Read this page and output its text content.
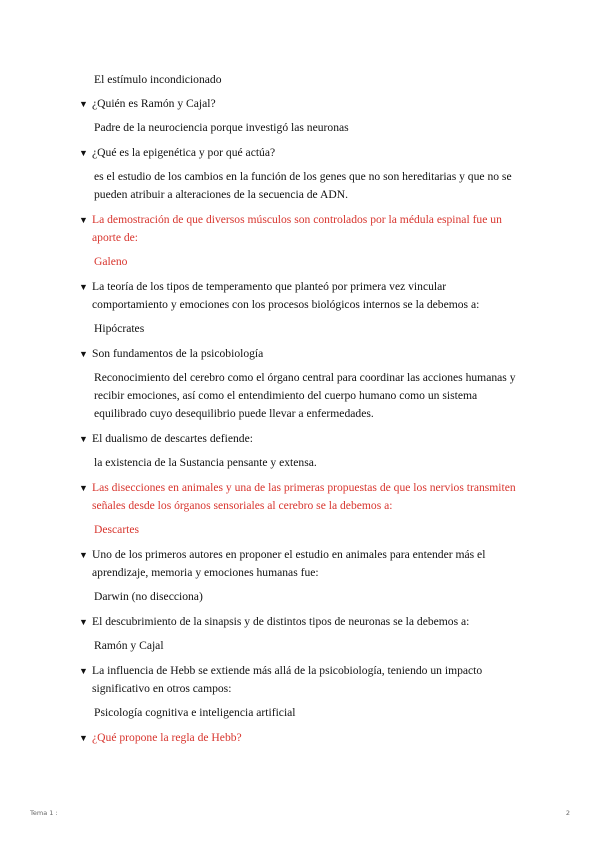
El estímulo incondicionado

▼ ¿Quién es Ramón y Cajal?

Padre de la neurociencia porque investigó las neuronas

▼ ¿Qué es la epigenética y por qué actúa?

es el estudio de los cambios en la función de los genes que no son hereditarias y que no se pueden atribuir a alteraciones de la secuencia de ADN.

▼ La demostración de que diversos músculos son controlados por la médula espinal fue un aporte de:

Galeno

▼ La teoría de los tipos de temperamento que planteó por primera vez vincular comportamiento y emociones con los procesos biológicos internos se la debemos a:

Hipócrates

▼ Son fundamentos de la psicobiología

Reconocimiento del cerebro como el órgano central para coordinar las acciones humanas y recibir emociones, así como el entendimiento del cuerpo humano como un sistema equilibrado cuyo desequilibrio puede llevar a enfermedades.

▼ El dualismo de descartes defiende:

la existencia de la Sustancia pensante y extensa.

▼ Las disecciones en animales y una de las primeras propuestas de que los nervios transmiten señales desde los órganos sensoriales al cerebro se la debemos a:

Descartes

▼ Uno de los primeros autores en proponer el estudio en animales para entender más el aprendizaje, memoria y emociones humanas fue:

Darwin (no disecciona)

▼ El descubrimiento de la sinapsis y de distintos tipos de neuronas se la debemos a:

Ramón y Cajal

▼ La influencia de Hebb se extiende más allá de la psicobiología, teniendo un impacto significativo en otros campos:

Psicología cognitiva e inteligencia artificial

▼ ¿Qué propone la regla de Hebb?

Tema 1 :	2
